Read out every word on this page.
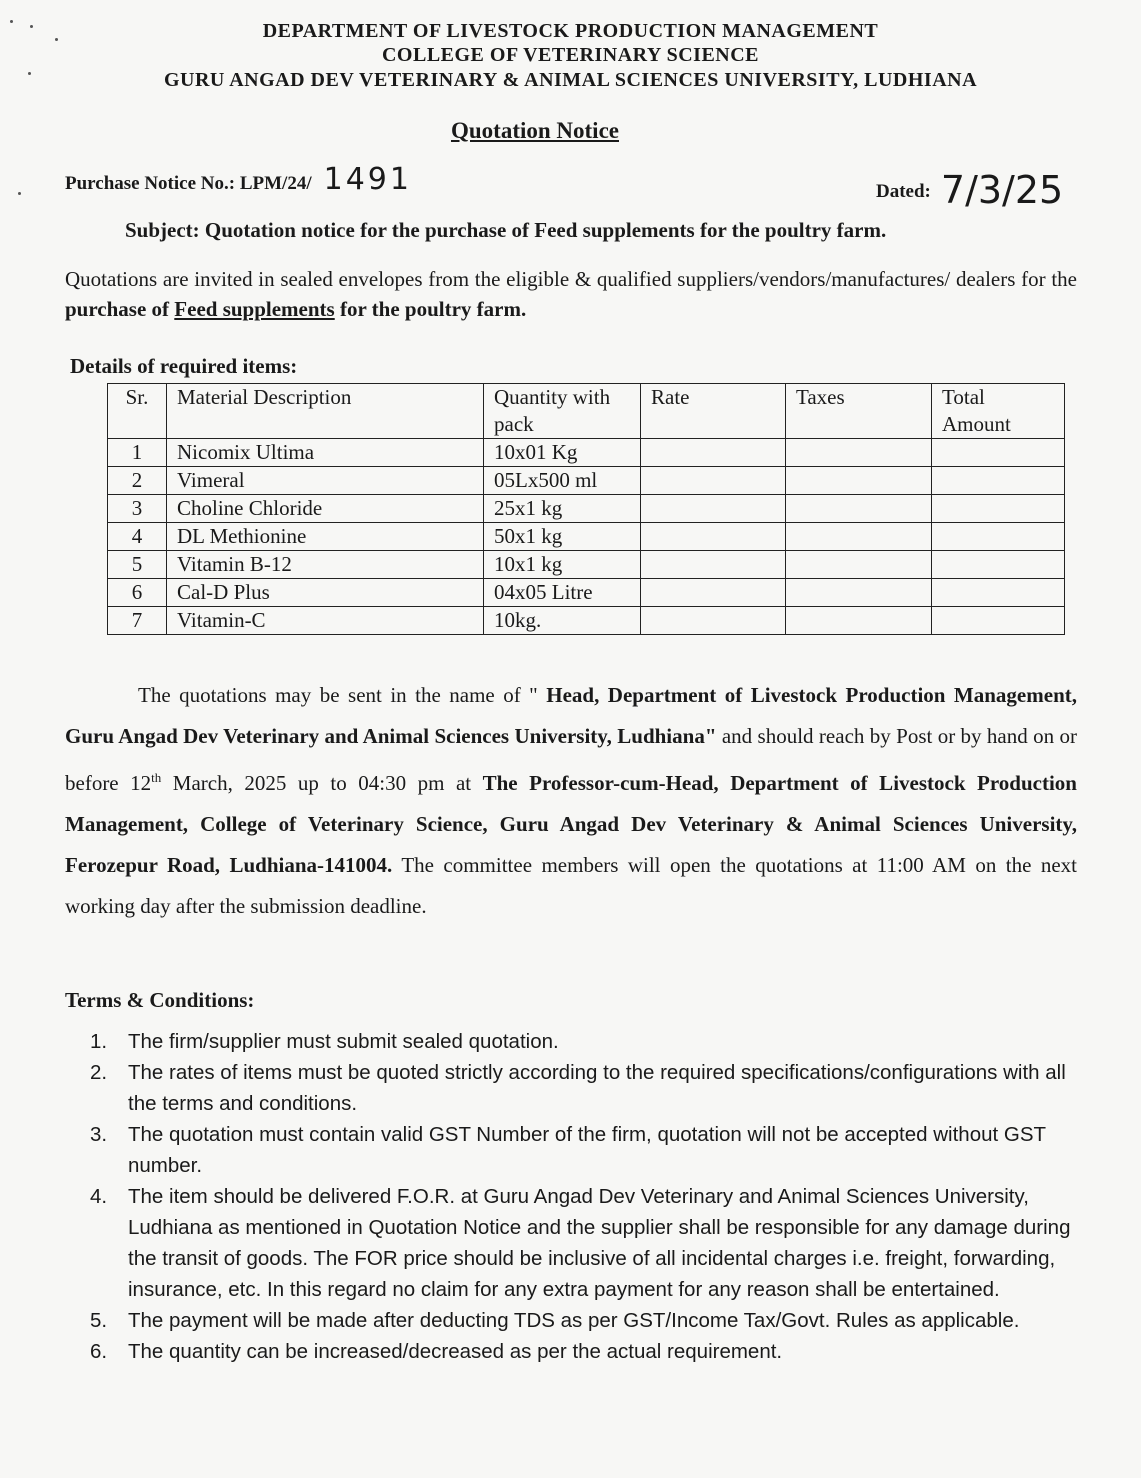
DEPARTMENT OF LIVESTOCK PRODUCTION MANAGEMENT
COLLEGE OF VETERINARY SCIENCE
GURU ANGAD DEV VETERINARY & ANIMAL SCIENCES UNIVERSITY, LUDHIANA
Quotation Notice
Purchase Notice No.: LPM/24/ 1491	Dated: 7/3/25
Subject: Quotation notice for the purchase of Feed supplements for the poultry farm.
Quotations are invited in sealed envelopes from the eligible & qualified suppliers/vendors/manufactures/ dealers for the purchase of Feed supplements for the poultry farm.
Details of required items:
Sr.	Material Description	Quantity with pack	Rate	Taxes	Total Amount
1	Nicomix Ultima	10x01 Kg			
2	Vimeral	05Lx500 ml			
3	Choline Chloride	25x1 kg			
4	DL Methionine	50x1 kg			
5	Vitamin B-12	10x1 kg			
6	Cal-D Plus	04x05 Litre			
7	Vitamin-C	10kg.			
The quotations may be sent in the name of " Head, Department of Livestock Production Management, Guru Angad Dev Veterinary and Animal Sciences University, Ludhiana" and should reach by Post or by hand on or before 12th March, 2025 up to 04:30 pm at The Professor-cum-Head, Department of Livestock Production Management, College of Veterinary Science, Guru Angad Dev Veterinary & Animal Sciences University, Ferozepur Road, Ludhiana-141004. The committee members will open the quotations at 11:00 AM on the next working day after the submission deadline.
Terms & Conditions:
1.	The firm/supplier must submit sealed quotation.
2.	The rates of items must be quoted strictly according to the required specifications/configurations with all the terms and conditions.
3.	The quotation must contain valid GST Number of the firm, quotation will not be accepted without GST number.
4.	The item should be delivered F.O.R. at Guru Angad Dev Veterinary and Animal Sciences University, Ludhiana as mentioned in Quotation Notice and the supplier shall be responsible for any damage during the transit of goods. The FOR price should be inclusive of all incidental charges i.e. freight, forwarding, insurance, etc. In this regard no claim for any extra payment for any reason shall be entertained.
5.	The payment will be made after deducting TDS as per GST/Income Tax/Govt. Rules as applicable.
6.	The quantity can be increased/decreased as per the actual requirement.
